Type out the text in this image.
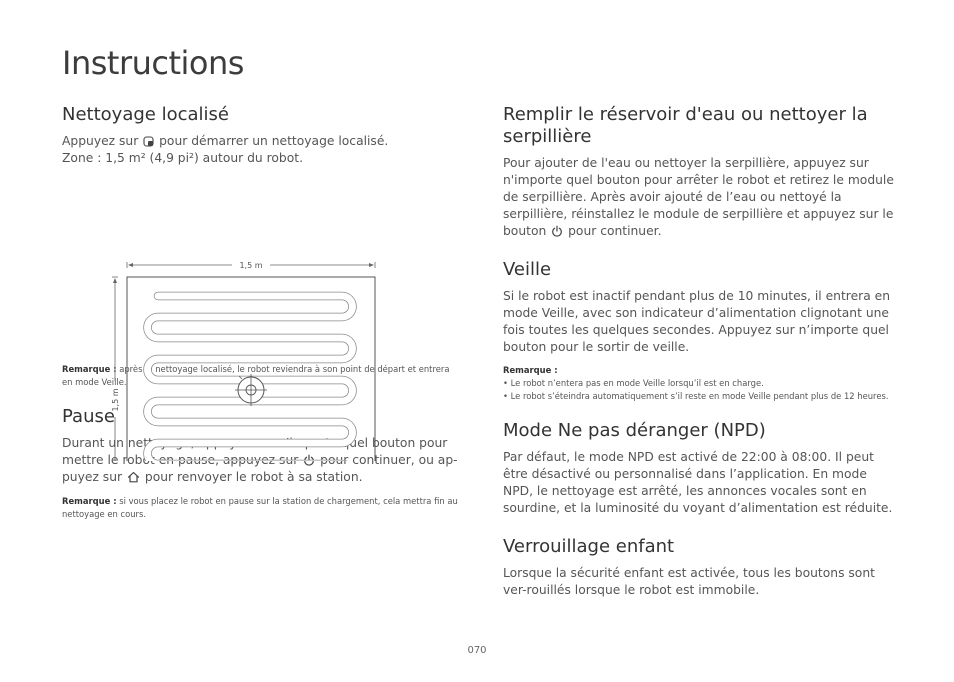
Instructions
Nettoyage localisé

Appuyez sur pour démarrer un nettoyage localisé.
Zone : 1,5 m² (4,9 pi²) autour du robot.

1,5 m
1,5 m

Remarque : après le nettoyage localisé, le robot reviendra à son point de départ et entrera en mode Veille.

Pause

Durant un nettoyage, appuyez sur n’importe quel bouton pour mettre le robot en pause, appuyez sur pour continuer, ou ap-puyez sur pour renvoyer le robot à sa station.

Remarque : si vous placez le robot en pause sur la station de chargement, cela mettra fin au nettoyage en cours.

Remplir le réservoir d'eau ou nettoyer la serpillière

Pour ajouter de l'eau ou nettoyer la serpillière, appuyez sur n'importe quel bouton pour arrêter le robot et retirez le module de serpillière. Après avoir ajouté de l’eau ou nettoyé la serpillière, réinstallez le module de serpillière et appuyez sur le bouton pour continuer.

Veille

Si le robot est inactif pendant plus de 10 minutes, il entrera en mode Veille, avec son indicateur d’alimentation clignotant une fois toutes les quelques secondes. Appuyez sur n’importe quel bouton pour le sortir de veille.

Remarque :

• Le robot n’entera pas en mode Veille lorsqu’il est en charge.

• Le robot s’éteindra automatiquement s’il reste en mode Veille pendant plus de 12 heures.

Mode Ne pas déranger (NPD)

Par défaut, le mode NPD est activé de 22:00 à 08:00. Il peut être désactivé ou personnalisé dans l’application. En mode NPD, le nettoyage est arrêté, les annonces vocales sont en sourdine, et la luminosité du voyant d’alimentation est réduite.

Verrouillage enfant

Lorsque la sécurité enfant est activée, tous les boutons sont ver-rouillés lorsque le robot est immobile.

070
